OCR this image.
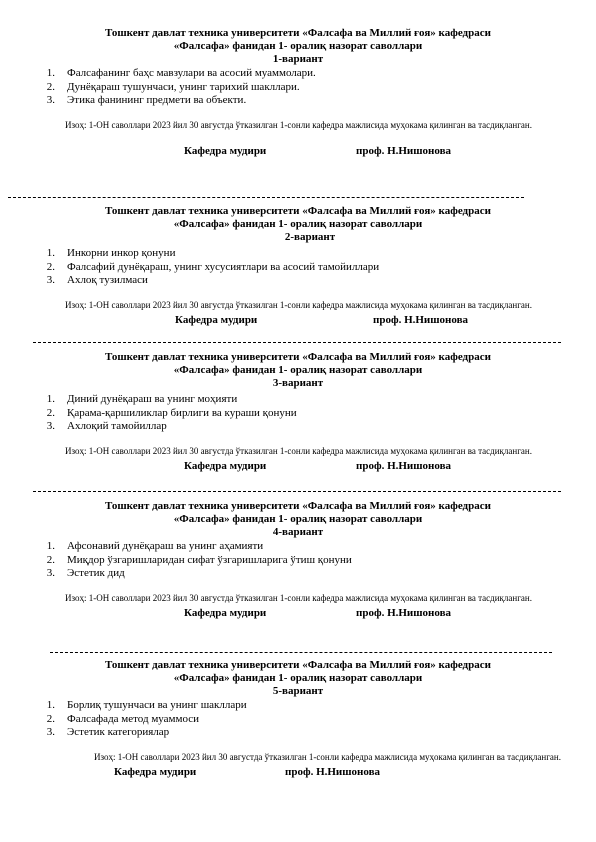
Тошкент давлат техника университети «Фалсафа ва Миллий ғоя» кафедраси
«Фалсафа» фанидан 1- оралиқ назорат саволлари
1-вариант
1. Фалсафанинг баҳс мавзулари ва асосий муаммолари.
2. Дунёқараш тушунчаси, унинг тарихий шакллари.
3. Этика фанининг предмети ва объекти.
Изоҳ: 1-ОН саволлари 2023 йил 30 августда ўтказилган 1-сонли кафедра мажлисида муҳокама қилинган ва тасдиқланган.
Кафедра мудири	проф. Н.Нишонова
Тошкент давлат техника университети «Фалсафа ва Миллий ғоя» кафедраси
«Фалсафа» фанидан 1- оралиқ назорат саволлари
2-вариант
1. Инкорни инкор қонуни
2. Фалсафий дунёқараш, унинг хусусиятлари ва асосий тамойиллари
3. Ахлоқ тузилмаси
Изоҳ: 1-ОН саволлари 2023 йил 30 августда ўтказилган 1-сонли кафедра мажлисида муҳокама қилинган ва тасдиқланган.
Кафедра мудири	проф. Н.Нишонова
Тошкент давлат техника университети «Фалсафа ва Миллий ғоя» кафедраси
«Фалсафа» фанидан 1- оралиқ назорат саволлари
3-вариант
1. Диний дунёқараш ва унинг моҳияти
2. Қарама-қаршиликлар бирлиги ва кураши қонуни
3. Ахлоқий тамойиллар
Изоҳ: 1-ОН саволлари 2023 йил 30 августда ўтказилган 1-сонли кафедра мажлисида муҳокама қилинган ва тасдиқланган.
Кафедра мудири	проф. Н.Нишонова
Тошкент давлат техника университети «Фалсафа ва Миллий ғоя» кафедраси
«Фалсафа» фанидан 1- оралиқ назорат саволлари
4-вариант
1. Афсонавий дунёқараш ва унинг аҳамияти
2. Миқдор ўзгаришларидан сифат ўзгаришларига ўтиш қонуни
3. Эстетик дид
Изоҳ: 1-ОН саволлари 2023 йил 30 августда ўтказилган 1-сонли кафедра мажлисида муҳокама қилинган ва тасдиқланган.
Кафедра мудири	проф. Н.Нишонова
Тошкент давлат техника университети «Фалсафа ва Миллий ғоя» кафедраси
«Фалсафа» фанидан 1- оралиқ назорат саволлари
5-вариант
1. Борлиқ тушунчаси ва унинг шакллари
2. Фалсафада метод муаммоси
3. Эстетик категориялар
Изоҳ: 1-ОН саволлари 2023 йил 30 августда ўтказилган 1-сонли кафедра мажлисида муҳокама қилинган ва тасдиқланган.
Кафедра мудири	проф. Н.Нишонова
